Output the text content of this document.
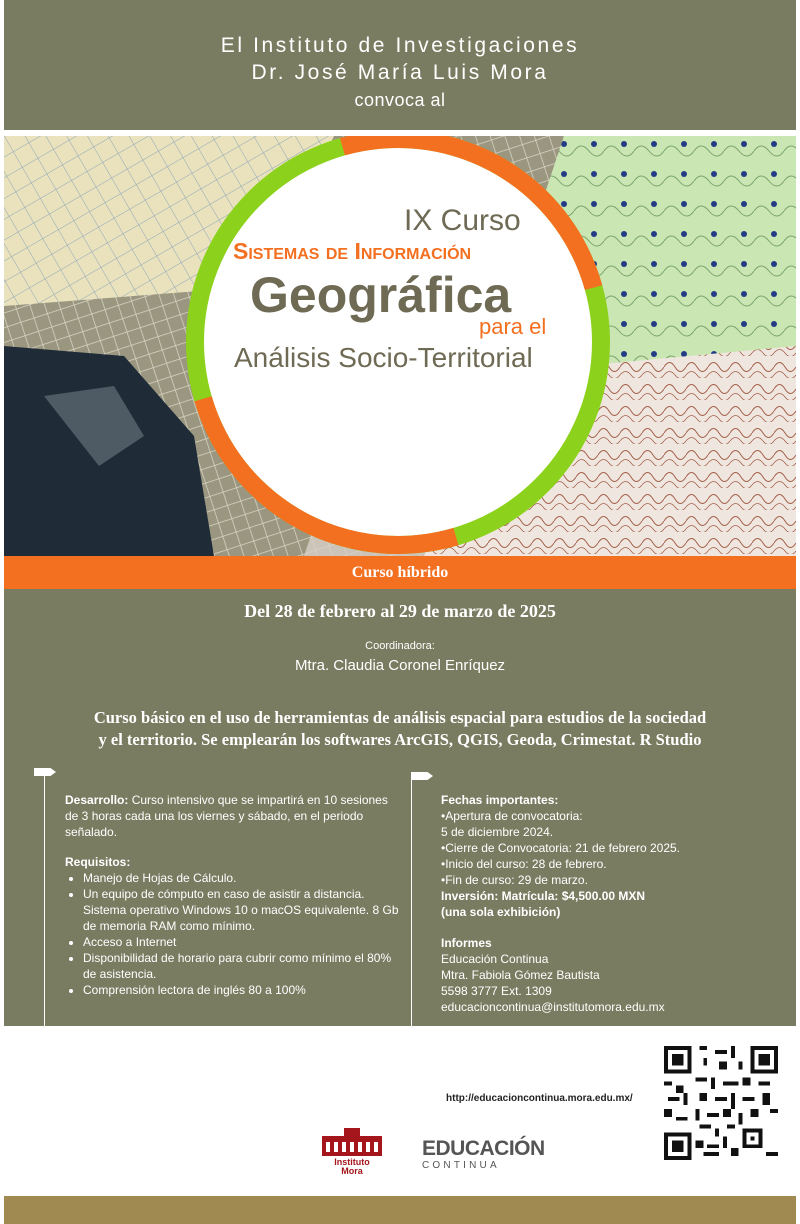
El Instituto de Investigaciones
Dr. José María Luis Mora
convoca al
IX Curso
Sistemas de Información
Geográfica
para el
Análisis Socio-Territorial
Curso híbrido
Del 28 de febrero al 29 de marzo de 2025
Coordinadora:
Mtra. Claudia Coronel Enríquez
Curso básico en el uso de herramientas de análisis espacial para estudios de la sociedad
y el territorio. Se emplearán los softwares ArcGIS, QGIS, Geoda, Crimestat. R Studio
Desarrollo: Curso intensivo que se impartirá en 10 sesiones de 3 horas cada una los viernes y sábado, en el periodo señalado.
Requisitos:
• Manejo de Hojas de Cálculo.
• Un equipo de cómputo en caso de asistir a distancia. Sistema operativo Windows 10 o macOS equivalente. 8 Gb de memoria RAM como mínimo.
• Acceso a Internet
• Disponibilidad de horario para cubrir como mínimo el 80% de asistencia.
• Comprensión lectora de inglés 80 a 100%
Fechas importantes:
•Apertura de convocatoria:
5 de diciembre 2024.
•Cierre de Convocatoria: 21 de febrero 2025.
•Inicio del curso: 28 de febrero.
•Fin de curso: 29 de marzo.
Inversión: Matrícula: $4,500.00 MXN
(una sola exhibición)
Informes
Educación Continua
Mtra. Fabiola Gómez Bautista
5598 3777 Ext. 1309
educacioncontinua@institutomora.edu.mx
http://educacioncontinua.mora.edu.mx/
Instituto
Mora
EDUCACIÓN
CONTINUA
